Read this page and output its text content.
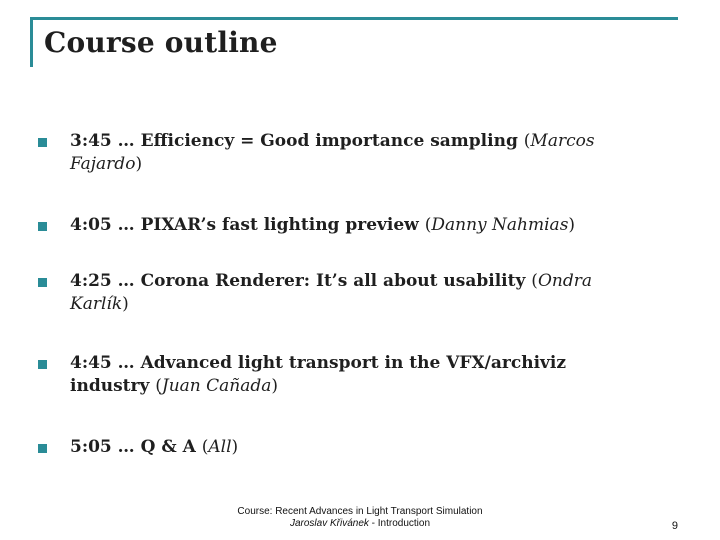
Course outline
3:45 … Efficiency = Good importance sampling (Marcos Fajardo)
4:05 … PIXAR’s fast lighting preview (Danny Nahmias)
4:25 … Corona Renderer: It’s all about usability (Ondra Karlík)
4:45 … Advanced light transport in the VFX/archiviz industry (Juan Cañada)
5:05 … Q & A (All)
Course: Recent Advances in Light Transport Simulation
Jaroslav Křivánek - Introduction	9
